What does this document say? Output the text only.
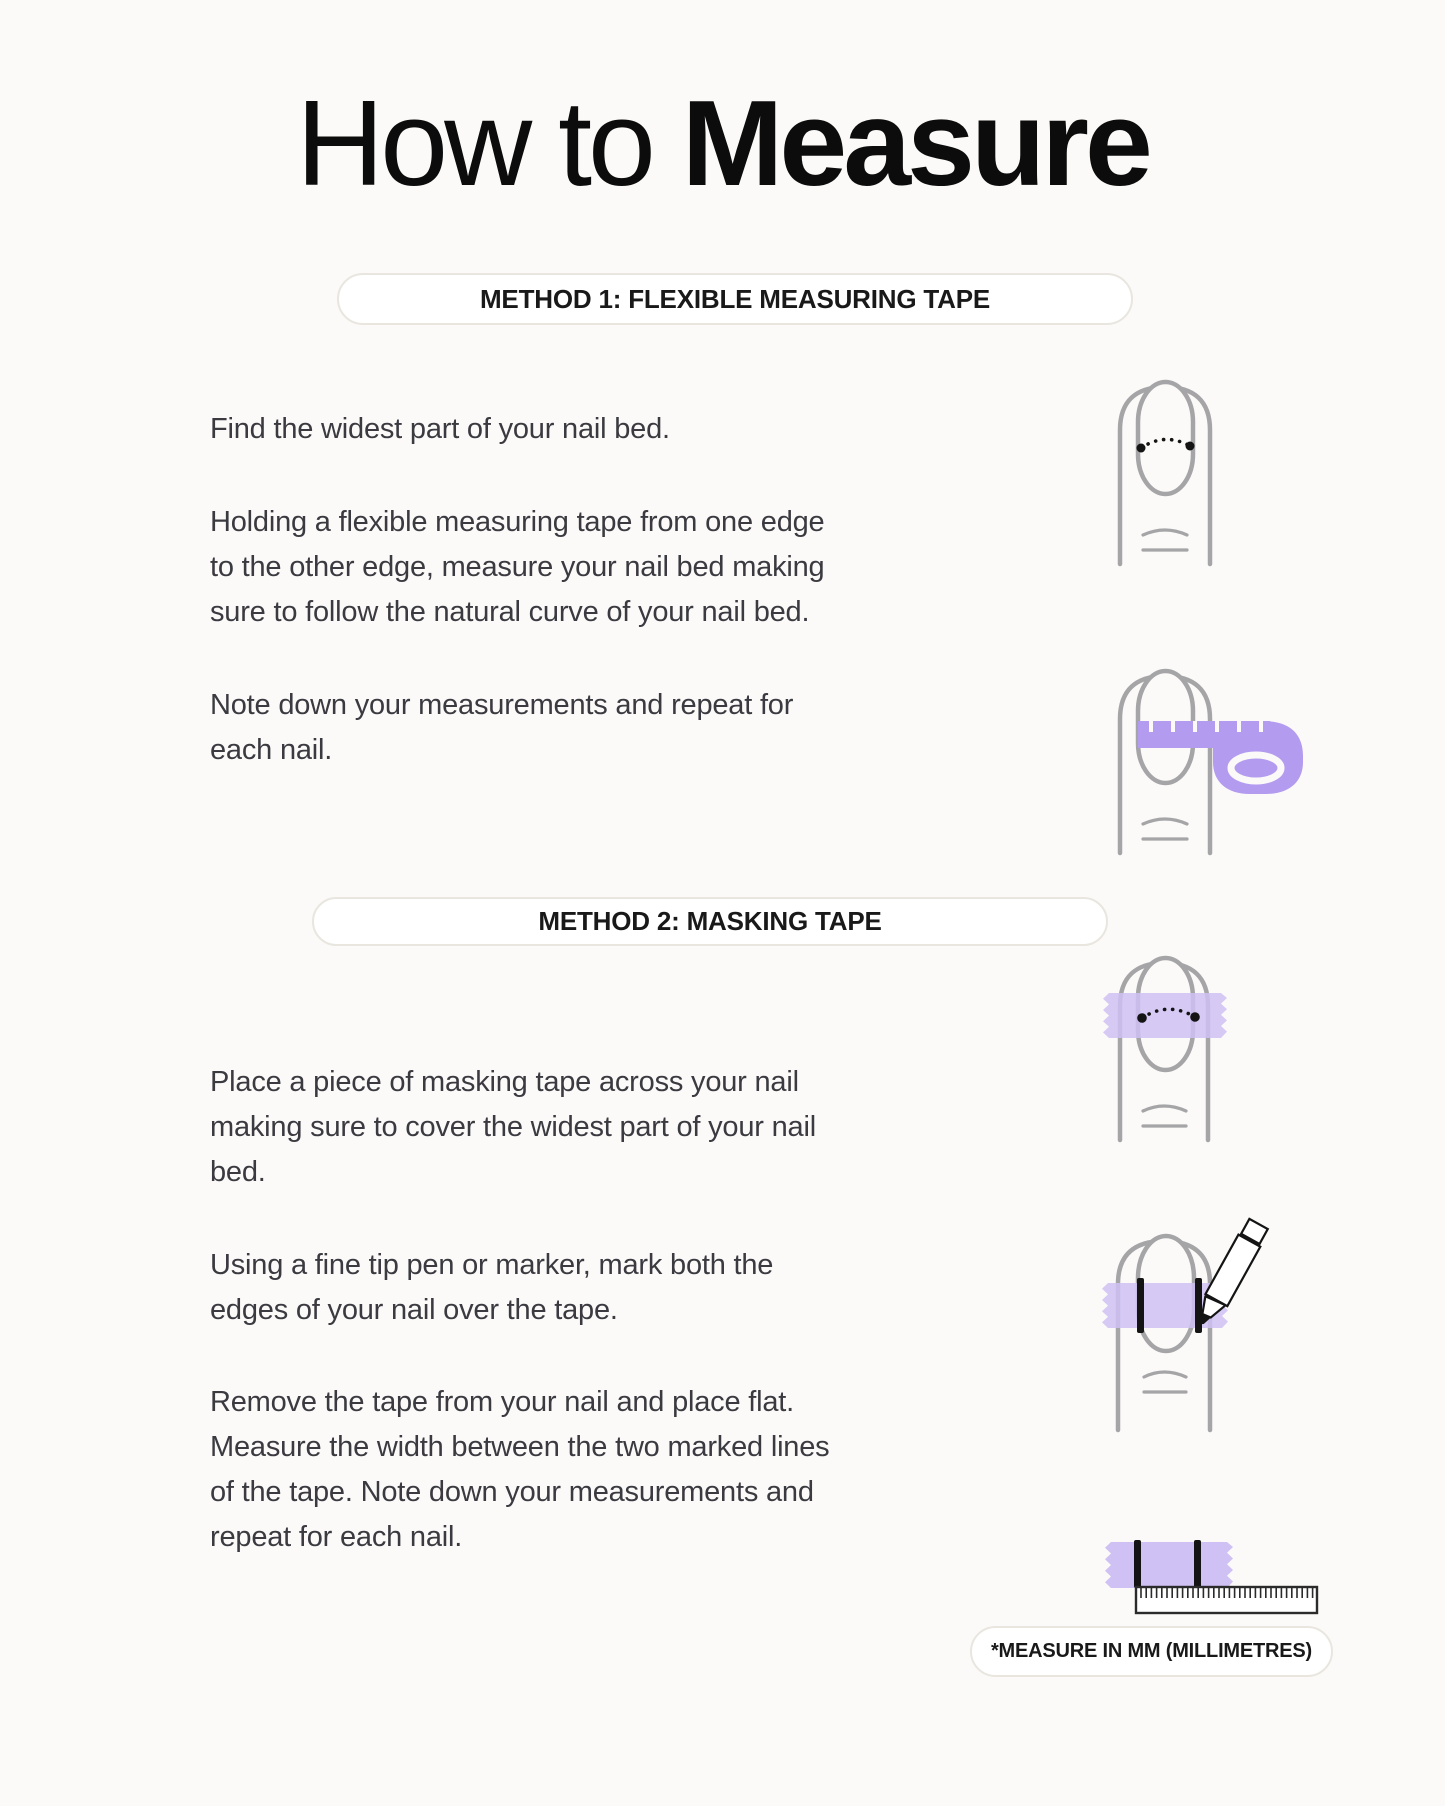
How to Measure
METHOD 1: FLEXIBLE MEASURING TAPE
Find the widest part of your nail bed.
Holding a flexible measuring tape from one edge
to the other edge, measure your nail bed making
sure to follow the natural curve of your nail bed.
Note down your measurements and repeat for
each nail.
METHOD 2: MASKING TAPE
Place a piece of masking tape across your nail
making sure to cover the widest part of your nail
bed.
Using a fine tip pen or marker, mark both the
edges of your nail over the tape.
Remove the tape from your nail and place flat.
Measure the width between the two marked lines
of the tape. Note down your measurements and
repeat for each nail.
*MEASURE IN MM (MILLIMETRES)
